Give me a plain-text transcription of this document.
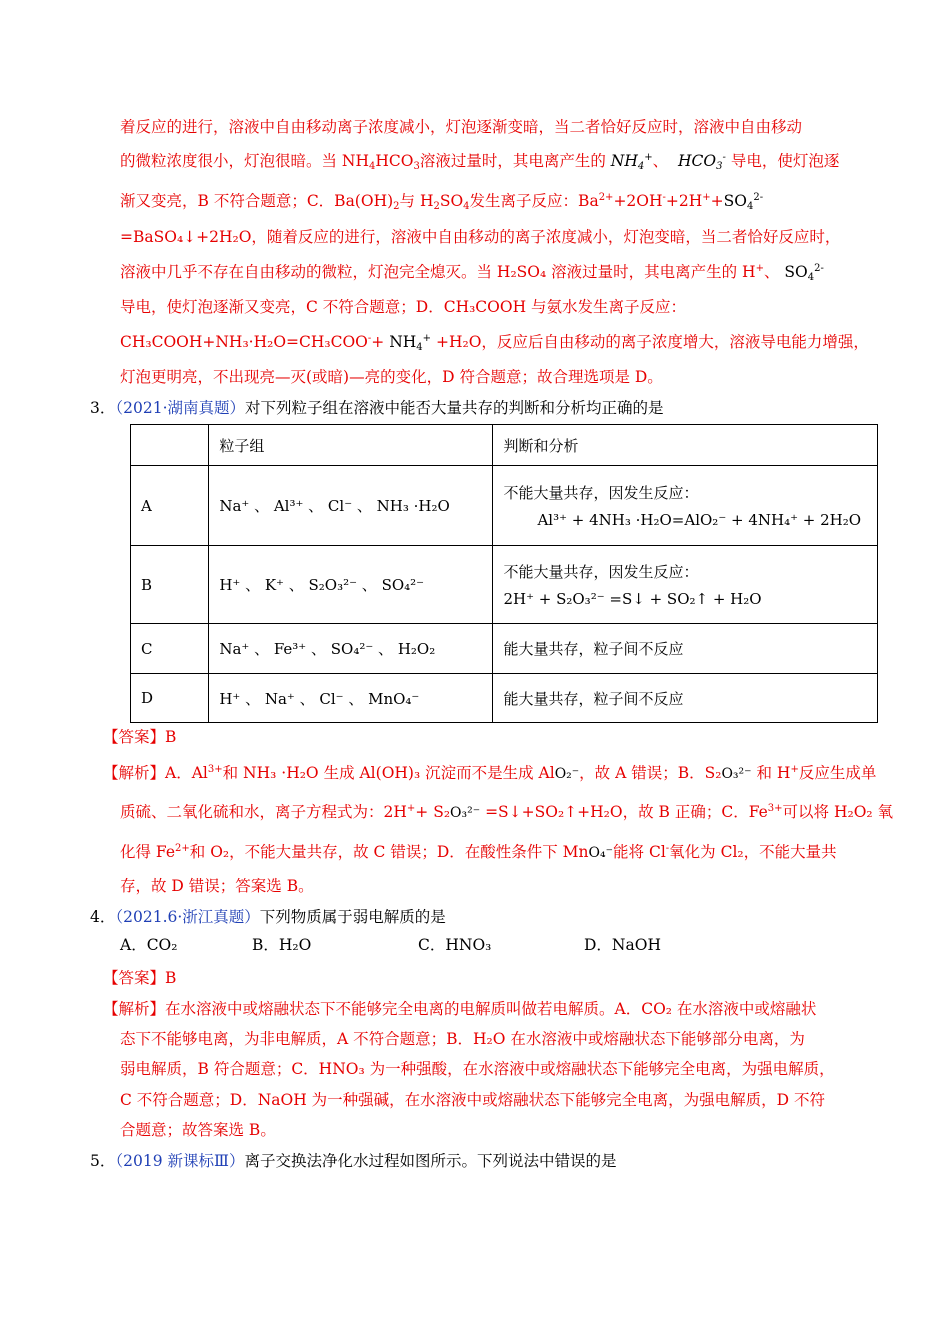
着反应的进行，溶液中自由移动离子浓度减小，灯泡逐渐变暗，当二者恰好反应时，溶液中自由移动
的微粒浓度很小，灯泡很暗。当 $NH_4HCO_3$溶液过量时，其电离产生的 $NH_4^+$、 $HCO_3^-$ 导电，使灯泡逐
渐又变亮，B 不符合题意；C．$Ba(OH)_2$与 $H_2SO_4$发生离子反应：$Ba^{2+}+2OH^-+2H^++SO_4^{2-}$
=BaSO₄↓+2H₂O，随着反应的进行，溶液中自由移动的离子浓度减小，灯泡变暗，当二者恰好反应时，
溶液中几乎不存在自由移动的微粒，灯泡完全熄灭。当 H₂SO₄ 溶液过量时，其电离产生的 H+、 $SO_4^{2-}$
导电，使灯泡逐渐又变亮，C 不符合题意；D．CH₃COOH 与氨水发生离子反应：
CH₃COOH+NH₃·H₂O=CH₃COO-+ $NH_4^+ +H_2O$，反应后自由移动的离子浓度增大，溶液导电能力增强，
灯泡更明亮，不出现亮—灭(或暗)—亮的变化，D 符合题意；故合理选项是 D。
3．（2021·湖南真题）对下列粒子组在溶液中能否大量共存的判断和分析均正确的是
	粒子组	判断和分析
A	Na⁺ 、 Al³⁺ 、 Cl⁻ 、 NH₃ ·H₂O	不能大量共存，因发生反应：
Al³⁺ + 4NH₃ ·H₂O=AlO₂⁻ + 4NH₄⁺ + 2H₂O

B	H⁺ 、 K⁺ 、 S₂O₃²⁻ 、 SO₄²⁻	不能大量共存，因发生反应：
2H⁺ + S₂O₃²⁻ =S↓ + SO₂↑ + H₂O

C	Na⁺ 、 Fe³⁺ 、 SO₄²⁻ 、 H₂O₂	能大量共存，粒子间不反应
D	H⁺ 、 Na⁺ 、 Cl⁻ 、 MnO₄⁻	能大量共存，粒子间不反应
【答案】B
【解析】A．$Al^{3+}$和 NH₃ ·H₂O 生成 Al(OH)₃ 沉淀而不是生成 AlO₂⁻，故 A 错误；B．S₂O₃²⁻ 和 H+反应生成单
质硫、二氧化硫和水，离子方程式为：2H++ S₂O₃²⁻ =S↓+SO₂↑+H₂O，故 B 正确；C．$Fe^{3+}$可以将 H₂O₂ 氧
化得 $Fe^{2+}$和 O₂，不能大量共存，故 C 错误；D．在酸性条件下 MnO₄⁻能将 Cl-氧化为 Cl₂，不能大量共
存，故 D 错误；答案选 B。
4．（2021.6·浙江真题）下列物质属于弱电解质的是
A．CO₂	B．H₂O	C．HNO₃	D．NaOH
【答案】B
【解析】在水溶液中或熔融状态下不能够完全电离的电解质叫做若电解质。A．CO₂ 在水溶液中或熔融状
态下不能够电离，为非电解质，A 不符合题意；B．H₂O 在水溶液中或熔融状态下能够部分电离，为
弱电解质，B 符合题意；C．HNO₃ 为一种强酸，在水溶液中或熔融状态下能够完全电离，为强电解质，
C 不符合题意；D．NaOH 为一种强碱，在水溶液中或熔融状态下能够完全电离，为强电解质，D 不符
合题意；故答案选 B。
5．（2019 新课标Ⅲ）离子交换法净化水过程如图所示。下列说法中错误的是
